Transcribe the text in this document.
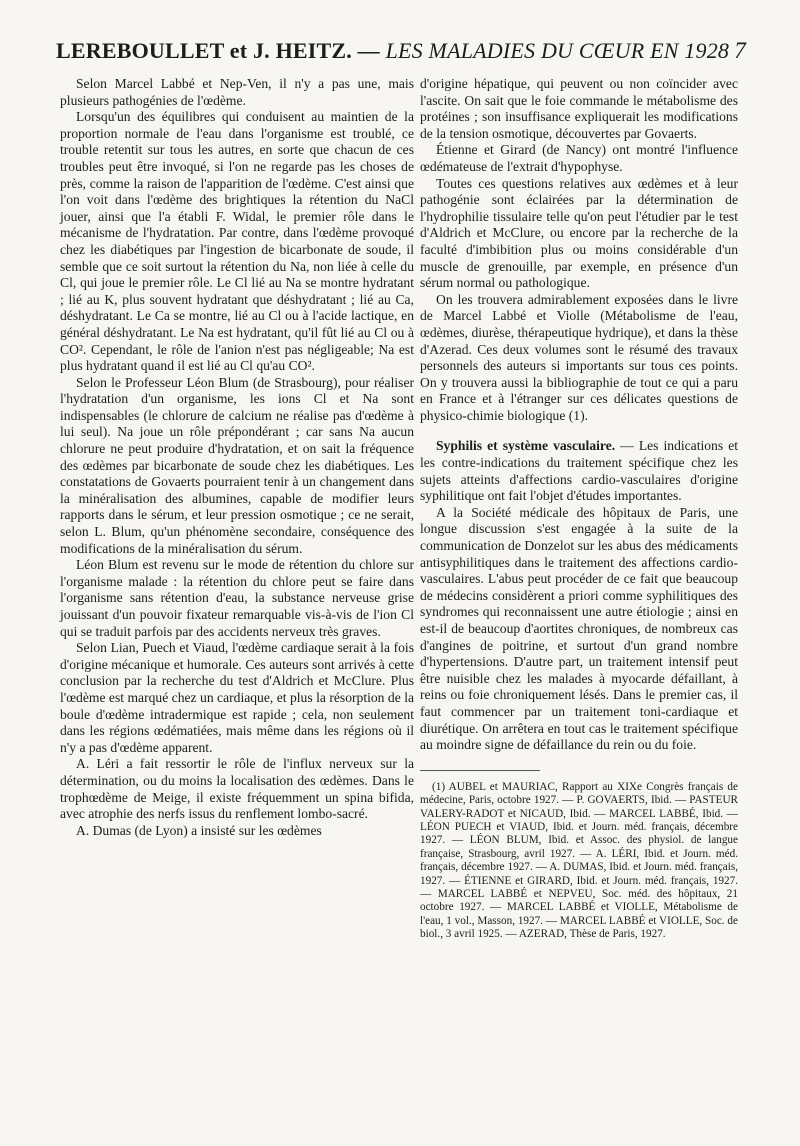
LEREBOULLET et J. HEITZ. — LES MALADIES DU CŒUR EN 1928 7

Selon Marcel Labbé et Nep-Ven, il n'y a pas une, mais plusieurs pathogénies de l'œdème.

Lorsqu'un des équilibres qui conduisent au maintien de la proportion normale de l'eau dans l'organisme est troublé, ce trouble retentit sur tous les autres, en sorte que chacun de ces troubles peut être invoqué, si l'on ne regarde pas les choses de près, comme la raison de l'apparition de l'œdème. C'est ainsi que l'on voit dans l'œdème des brightiques la rétention du NaCl jouer, ainsi que l'a établi F. Widal, le premier rôle dans le mécanisme de l'hydratation. Par contre, dans l'œdème provoqué chez les diabétiques par l'ingestion de bicarbonate de soude, il semble que ce soit surtout la rétention du Na, non liée à celle du Cl, qui joue le premier rôle. Le Cl lié au Na se montre hydratant ; lié au K, plus souvent hydratant que déshydratant ; lié au Ca, déshydratant. Le Ca se montre, lié au Cl ou à l'acide lactique, en général déshydratant. Le Na est hydratant, qu'il fût lié au Cl ou à CO². Cependant, le rôle de l'anion n'est pas négligeable; Na est plus hydratant quand il est lié au Cl qu'au CO².

Selon le Professeur Léon Blum (de Strasbourg), pour réaliser l'hydratation d'un organisme, les ions Cl et Na sont indispensables (le chlorure de calcium ne réalise pas d'œdème à lui seul). Na joue un rôle prépondérant ; car sans Na aucun chlorure ne peut produire d'hydratation, et on sait la fréquence des œdèmes par bicarbonate de soude chez les diabétiques. Les constatations de Govaerts pourraient tenir à un changement dans la minéralisation des albumines, capable de modifier leurs rapports dans le sérum, et leur pression osmotique ; ce ne serait, selon L. Blum, qu'un phénomène secondaire, conséquence des modifications de la minéralisation du sérum.

Léon Blum est revenu sur le mode de rétention du chlore sur l'organisme malade : la rétention du chlore peut se faire dans l'organisme sans rétention d'eau, la substance nerveuse grise jouissant d'un pouvoir fixateur remarquable vis-à-vis de l'ion Cl qui se traduit parfois par des accidents nerveux très graves.

Selon Lian, Puech et Viaud, l'œdème cardiaque serait à la fois d'origine mécanique et humorale. Ces auteurs sont arrivés à cette conclusion par la recherche du test d'Aldrich et McClure. Plus l'œdème est marqué chez un cardiaque, et plus la résorption de la boule d'œdème intradermique est rapide ; cela, non seulement dans les régions œdématiées, mais même dans les régions où il n'y a pas d'œdème apparent.

A. Léri a fait ressortir le rôle de l'influx nerveux sur la détermination, ou du moins la localisation des œdèmes. Dans le trophœdème de Meige, il existe fréquemment un spina bifida, avec atrophie des nerfs issus du renflement lombo-sacré.

A. Dumas (de Lyon) a insisté sur les œdèmes

d'origine hépatique, qui peuvent ou non coïncider avec l'ascite. On sait que le foie commande le métabolisme des protéines ; son insuffisance expliquerait les modifications de la tension osmotique, découvertes par Govaerts.

Étienne et Girard (de Nancy) ont montré l'influence œdémateuse de l'extrait d'hypophyse.

Toutes ces questions relatives aux œdèmes et à leur pathogénie sont éclairées par la détermination de l'hydrophilie tissulaire telle qu'on peut l'étudier par le test d'Aldrich et McClure, ou encore par la recherche de la faculté d'imbibition plus ou moins considérable d'un muscle de grenouille, par exemple, en présence d'un sérum normal ou pathologique.

On les trouvera admirablement exposées dans le livre de Marcel Labbé et Violle (Métabolisme de l'eau, œdèmes, diurèse, thérapeutique hydrique), et dans la thèse d'Azerad. Ces deux volumes sont le résumé des travaux personnels des auteurs si importants sur tous ces points. On y trouvera aussi la bibliographie de tout ce qui a paru en France et à l'étranger sur ces délicates questions de physico-chimie biologique (1).

Syphilis et système vasculaire. — Les indications et les contre-indications du traitement spécifique chez les sujets atteints d'affections cardio-vasculaires d'origine syphilitique ont fait l'objet d'études importantes.

A la Société médicale des hôpitaux de Paris, une longue discussion s'est engagée à la suite de la communication de Donzelot sur les abus des médicaments antisyphilitiques dans le traitement des affections cardio-vasculaires. L'abus peut procéder de ce fait que beaucoup de médecins considèrent a priori comme syphilitiques des syndromes qui reconnaissent une autre étiologie ; ainsi en est-il de beaucoup d'aortites chroniques, de nombreux cas d'angines de poitrine, et surtout d'un grand nombre d'hypertensions. D'autre part, un traitement intensif peut être nuisible chez les malades à myocarde défaillant, à reins ou foie chroniquement lésés. Dans le premier cas, il faut commencer par un traitement toni-cardiaque et diurétique. On arrêtera en tout cas le traitement spécifique au moindre signe de défaillance du rein ou du foie.

(1) AUBEL et MAURIAC, Rapport au XIXe Congrès français de médecine, Paris, octobre 1927. — P. GOVAERTS, Ibid. — PASTEUR VALERY-RADOT et NICAUD, Ibid. — MARCEL LABBÉ, Ibid. — LÉON PUECH et VIAUD, Ibid. et Journ. méd. français, décembre 1927. — LÉON BLUM, Ibid. et Assoc. des physiol. de langue française, Strasbourg, avril 1927. — A. LÉRI, Ibid. et Journ. méd. français, décembre 1927. — A. DUMAS, Ibid. et Journ. méd. français, 1927. — ÉTIENNE et GIRARD, Ibid. et Journ. méd. français, 1927. — MARCEL LABBÉ et NEPVEU, Soc. méd. des hôpitaux, 21 octobre 1927. — MARCEL LABBÉ et VIOLLE, Métabolisme de l'eau, 1 vol., Masson, 1927. — MARCEL LABBÉ et VIOLLE, Soc. de biol., 3 avril 1925. — AZERAD, Thèse de Paris, 1927.
